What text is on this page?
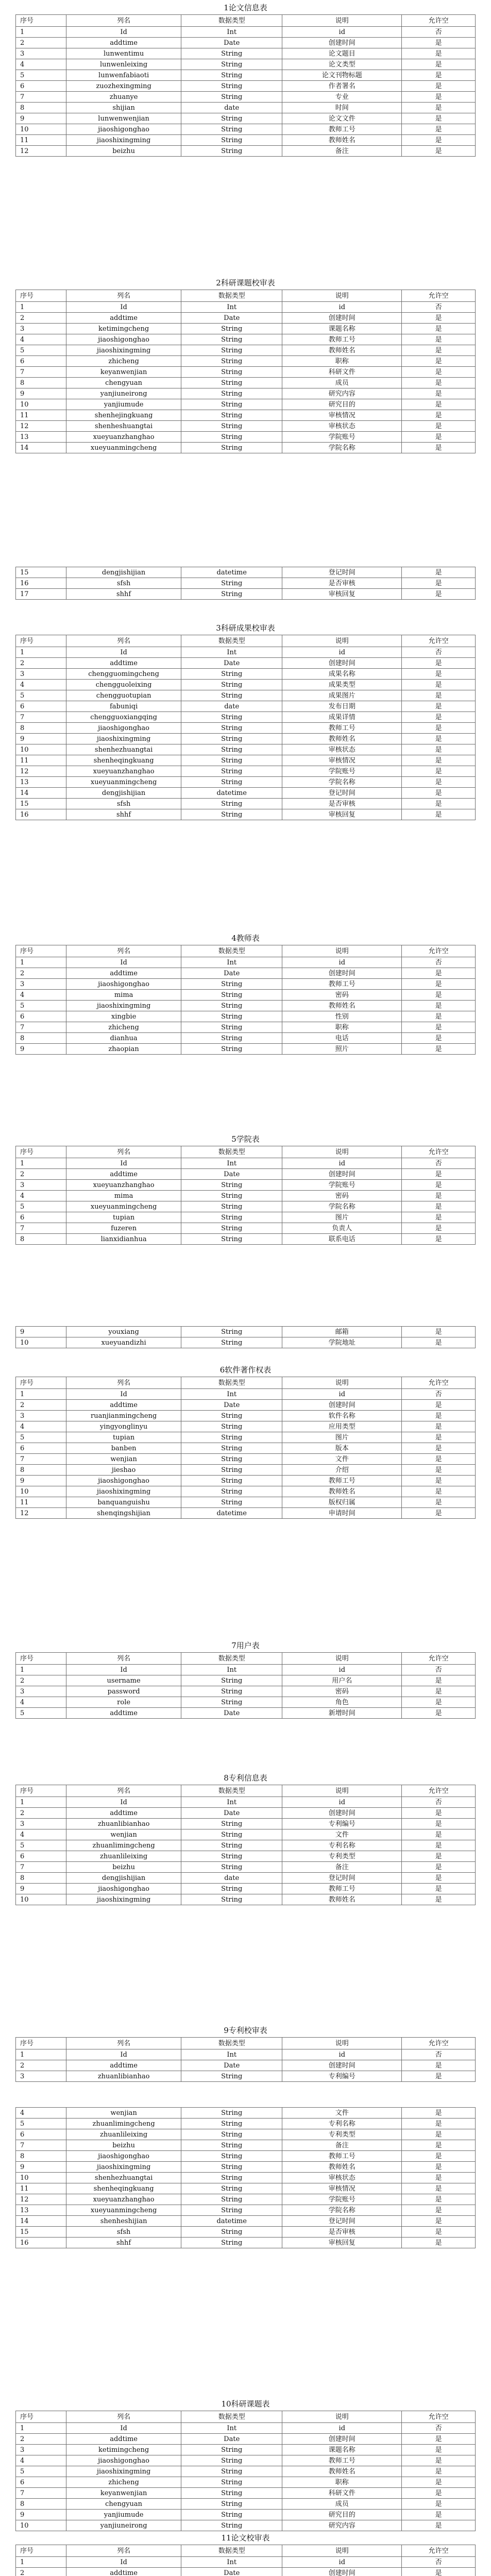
1论文信息表
序号	列名	数据类型	说明	允许空
1	Id	Int	id	否
2	addtime	Date	创建时间	是
3	lunwentimu	String	论文题目	是
4	lunwenleixing	String	论文类型	是
5	lunwenfabiaoti	String	论文刊物标题	是
6	zuozhexingming	String	作者署名	是
7	zhuanye	String	专业	是
8	shijian	date	时间	是
9	lunwenwenjian	String	论文文件	是
10	jiaoshigonghao	String	教师工号	是
11	jiaoshixingming	String	教师姓名	是
12	beizhu	String	备注	是
2科研课题校审表
序号	列名	数据类型	说明	允许空
1	Id	Int	id	否
2	addtime	Date	创建时间	是
3	ketimingcheng	String	课题名称	是
4	jiaoshigonghao	String	教师工号	是
5	jiaoshixingming	String	教师姓名	是
6	zhicheng	String	职称	是
7	keyanwenjian	String	科研文件	是
8	chengyuan	String	成员	是
9	yanjiuneirong	String	研究内容	是
10	yanjiumude	String	研究目的	是
11	shenhejingkuang	String	审核情况	是
12	shenheshuangtai	String	审核状态	是
13	xueyuanzhanghao	String	学院账号	是
14	xueyuanmingcheng	String	学院名称	是
15	dengjishijian	datetime	登记时间	是
16	sfsh	String	是否审核	是
17	shhf	String	审核回复	是
3科研成果校审表
序号	列名	数据类型	说明	允许空
1	Id	Int	id	否
2	addtime	Date	创建时间	是
3	chengguomingcheng	String	成果名称	是
4	chengguoleixing	String	成果类型	是
5	chengguotupian	String	成果图片	是
6	fabuniqi	date	发布日期	是
7	chengguoxiangqing	String	成果详情	是
8	jiaoshigonghao	String	教师工号	是
9	jiaoshixingming	String	教师姓名	是
10	shenhezhuangtai	String	审核状态	是
11	shenheqingkuang	String	审核情况	是
12	xueyuanzhanghao	String	学院账号	是
13	xueyuanmingcheng	String	学院名称	是
14	dengjishijian	datetime	登记时间	是
15	sfsh	String	是否审核	是
16	shhf	String	审核回复	是
4教师表
序号	列名	数据类型	说明	允许空
1	Id	Int	id	否
2	addtime	Date	创建时间	是
3	jiaoshigonghao	String	教师工号	是
4	mima	String	密码	是
5	jiaoshixingming	String	教师姓名	是
6	xingbie	String	性别	是
7	zhicheng	String	职称	是
8	dianhua	String	电话	是
9	zhaopian	String	照片	是
5学院表
序号	列名	数据类型	说明	允许空
1	Id	Int	id	否
2	addtime	Date	创建时间	是
3	xueyuanzhanghao	String	学院账号	是
4	mima	String	密码	是
5	xueyuanmingcheng	String	学院名称	是
6	tupian	String	图片	是
7	fuzeren	String	负责人	是
8	lianxidianhua	String	联系电话	是
9	youxiang	String	邮箱	是
10	xueyuandizhi	String	学院地址	是
6软件著作权表
序号	列名	数据类型	说明	允许空
1	Id	Int	id	否
2	addtime	Date	创建时间	是
3	ruanjianmingcheng	String	软件名称	是
4	yingyonglinyu	String	应用类型	是
5	tupian	String	图片	是
6	banben	String	版本	是
7	wenjian	String	文件	是
8	jieshao	String	介绍	是
9	jiaoshigonghao	String	教师工号	是
10	jiaoshixingming	String	教师姓名	是
11	banquanguishu	String	版权归属	是
12	shenqingshijian	datetime	申请时间	是
7用户表
序号	列名	数据类型	说明	允许空
1	Id	Int	id	否
2	username	String	用户名	是
3	password	String	密码	是
4	role	String	角色	是
5	addtime	Date	新增时间	是
8专利信息表
序号	列名	数据类型	说明	允许空
1	Id	Int	id	否
2	addtime	Date	创建时间	是
3	zhuanlibianhao	String	专利编号	是
4	wenjian	String	文件	是
5	zhuanlimingcheng	String	专利名称	是
6	zhuanlileixing	String	专利类型	是
7	beizhu	String	备注	是
8	dengjishijian	date	登记时间	是
9	jiaoshigonghao	String	教师工号	是
10	jiaoshixingming	String	教师姓名	是
9专利校审表
序号	列名	数据类型	说明	允许空
1	Id	Int	id	否
2	addtime	Date	创建时间	是
3	zhuanlibianhao	String	专利编号	是
4	wenjian	String	文件	是
5	zhuanlimingcheng	String	专利名称	是
6	zhuanlileixing	String	专利类型	是
7	beizhu	String	备注	是
8	jiaoshigonghao	String	教师工号	是
9	jiaoshixingming	String	教师姓名	是
10	shenhezhuangtai	String	审核状态	是
11	shenheqingkuang	String	审核情况	是
12	xueyuanzhanghao	String	学院账号	是
13	xueyuanmingcheng	String	学院名称	是
14	shenheshijian	datetime	登记时间	是
15	sfsh	String	是否审核	是
16	shhf	String	审核回复	是
10科研课题表
序号	列名	数据类型	说明	允许空
1	Id	Int	id	否
2	addtime	Date	创建时间	是
3	ketimingcheng	String	课题名称	是
4	jiaoshigonghao	String	教师工号	是
5	jiaoshixingming	String	教师姓名	是
6	zhicheng	String	职称	是
7	keyanwenjian	String	科研文件	是
8	chengyuan	String	成员	是
9	yanjiumude	String	研究目的	是
10	yanjiuneirong	String	研究内容	是
11论文校审表
序号	列名	数据类型	说明	允许空
1	Id	Int	id	否
2	addtime	Date	创建时间	是
